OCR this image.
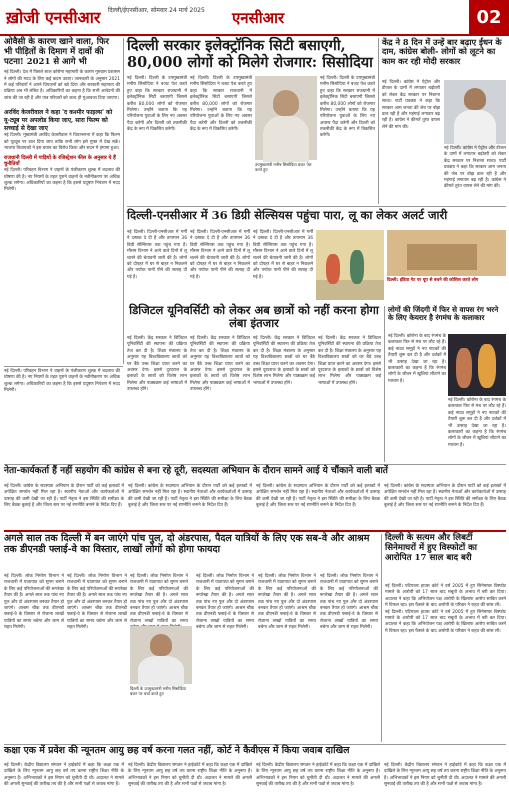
ख़ोजी एनसीआर दिल्ली/ईएनसीआर, सोमवार 24 मार्च 2025 एनसीआर	02
ओवैसी के कारण खाने वाला, फिर भी पीड़ितों के दिमाग में दावों की पटना! 2021 से आगे भी
नई दिल्ली। देश में पिछले साल कोरोना महामारी के कारण गुरुग्राम प्रशासन ने लोगों की मदद के लिए कई कदम उठाए। जानकारी के अनुसार 2021 में कई परिवारों ने अपने प्रियजनों को खो दिया और सरकारी सहायता की प्रक्रिया अब भी लंबित है। अधिकारियों का कहना है कि सभी आवेदनों की जांच की जा रही है और पात्र परिवारों को जल्द ही मुआवजा दिया जाएगा।
अरविंद केजरीवाल ने कहा 'द कश्मीर फाइल्स' को यू-ट्यूब पर अपलोड किया जाए, सारा फिल्म को सच्चाई से देखा जाए
नई दिल्ली। मुख्यमंत्री अरविंद केजरीवाल ने विधानसभा में कहा कि फिल्म को यूट्यूब पर डाल दिया जाए ताकि सभी लोग इसे मुफ्त में देख सकें। भाजपा विधायकों ने इस बयान का विरोध किया और सदन में हंगामा हुआ।
राजधानी दिल्ली में गाड़ियों के रजिस्ट्रेशन फीस के अनुसार ये हैं चुनौतियाँ
नई दिल्ली। परिवहन विभाग ने वाहनों के पंजीकरण शुल्क में बदलाव की घोषणा की है। नए नियमों के तहत पुराने वाहनों के नवीनीकरण पर अधिक शुल्क लगेगा। अधिकारियों का कहना है कि इससे प्रदूषण नियंत्रण में मदद मिलेगी।
दिल्ली सरकार इलेक्ट्रॉनिक सिटी बसाएगी, 80,000 लोगों को मिलेगे रोजगार: सिसोदिया
नई दिल्ली। दिल्ली के उपमुख्यमंत्री मनीष सिसोदिया ने बजट पेश करते हुए कहा कि सरकार राजधानी में इलेक्ट्रॉनिक सिटी बसाएगी जिससे करीब 80,000 लोगों को रोजगार मिलेगा। उन्होंने बताया कि यह परियोजना युवाओं के लिए नए अवसर पैदा करेगी और दिल्ली को तकनीकी केंद्र के रूप में विकसित करेगी।
नई दिल्ली। दिल्ली के उपमुख्यमंत्री मनीष सिसोदिया ने बजट पेश करते हुए कहा कि सरकार राजधानी में इलेक्ट्रॉनिक सिटी बसाएगी जिससे करीब 80,000 लोगों को रोजगार मिलेगा। उन्होंने बताया कि यह परियोजना युवाओं के लिए नए अवसर पैदा करेगी और दिल्ली को तकनीकी केंद्र के रूप में विकसित करेगी।
नई दिल्ली। दिल्ली के उपमुख्यमंत्री मनीष सिसोदिया ने बजट पेश करते हुए कहा कि सरकार राजधानी में इलेक्ट्रॉनिक सिटी बसाएगी जिससे करीब 80,000 लोगों को रोजगार मिलेगा। उन्होंने बताया कि यह परियोजना युवाओं के लिए नए अवसर पैदा करेगी और दिल्ली को तकनीकी केंद्र के रूप में विकसित करेगी।
उपमुख्यमंत्री मनीष सिसोदिया बजट पेश करते हुए
केंद्र ने 8 दिन में उन्हें बार बढ़ाए ईंधन के दाम, कांग्रेस बोली- लोगों को लूटने का काम कर रही मोदी सरकार
नई दिल्ली। कांग्रेस ने पेट्रोल और डीजल के दामों में लगातार बढ़ोतरी को लेकर केंद्र सरकार पर निशाना साधा। पार्टी प्रवक्ता ने कहा कि सरकार आम जनता की जेब पर बोझ डाल रही है और महंगाई लगातार बढ़ रही है। कांग्रेस ने कीमतें तुरंत वापस लेने की मांग की।
नई दिल्ली। कांग्रेस ने पेट्रोल और डीजल के दामों में लगातार बढ़ोतरी को लेकर केंद्र सरकार पर निशाना साधा। पार्टी प्रवक्ता ने कहा कि सरकार आम जनता की जेब पर बोझ डाल रही है और महंगाई लगातार बढ़ रही है। कांग्रेस ने कीमतें तुरंत वापस लेने की मांग की।
दिल्ली-एनसीआर में 36 डिग्री सेल्सियस पहुंचा पारा, लू का लेकर अलर्ट जारी
नई दिल्ली। दिल्ली-एनसीआर में गर्मी ने दस्तक दे दी है और तापमान 36 डिग्री सेल्सियस तक पहुंच गया है। मौसम विभाग ने आने वाले दिनों में लू चलने की चेतावनी जारी की है। लोगों को दोपहर में घर से बाहर न निकलने और पर्याप्त पानी पीने की सलाह दी गई है।
नई दिल्ली। दिल्ली-एनसीआर में गर्मी ने दस्तक दे दी है और तापमान 36 डिग्री सेल्सियस तक पहुंच गया है। मौसम विभाग ने आने वाले दिनों में लू चलने की चेतावनी जारी की है। लोगों को दोपहर में घर से बाहर न निकलने और पर्याप्त पानी पीने की सलाह दी गई है।
नई दिल्ली। दिल्ली-एनसीआर में गर्मी ने दस्तक दे दी है और तापमान 36 डिग्री सेल्सियस तक पहुंच गया है। मौसम विभाग ने आने वाले दिनों में लू चलने की चेतावनी जारी की है। लोगों को दोपहर में घर से बाहर न निकलने और पर्याप्त पानी पीने की सलाह दी गई है।
दिल्ली: इंडिया गेट पर धूप से बचने की कोशिश करते लोग
डिजिटल यूनिवर्सिटी को लेकर अब छात्रों को नहीं करना होगा लंबा इंतजार
नई दिल्ली। केंद्र सरकार ने डिजिटल यूनिवर्सिटी की स्थापना की प्रक्रिया तेज कर दी है। शिक्षा मंत्रालय के अनुसार यह विश्वविद्यालय छात्रों को घर बैठे उच्च शिक्षा प्राप्त करने का अवसर देगा। इससे दूरदराज के इलाकों के छात्रों को विशेष लाभ मिलेगा और पाठ्यक्रम कई भाषाओं में उपलब्ध होंगे।
नई दिल्ली। केंद्र सरकार ने डिजिटल यूनिवर्सिटी की स्थापना की प्रक्रिया तेज कर दी है। शिक्षा मंत्रालय के अनुसार यह विश्वविद्यालय छात्रों को घर बैठे उच्च शिक्षा प्राप्त करने का अवसर देगा। इससे दूरदराज के इलाकों के छात्रों को विशेष लाभ मिलेगा और पाठ्यक्रम कई भाषाओं में उपलब्ध होंगे।
नई दिल्ली। केंद्र सरकार ने डिजिटल यूनिवर्सिटी की स्थापना की प्रक्रिया तेज कर दी है। शिक्षा मंत्रालय के अनुसार यह विश्वविद्यालय छात्रों को घर बैठे उच्च शिक्षा प्राप्त करने का अवसर देगा। इससे दूरदराज के इलाकों के छात्रों को विशेष लाभ मिलेगा और पाठ्यक्रम कई भाषाओं में उपलब्ध होंगे।
नई दिल्ली। केंद्र सरकार ने डिजिटल यूनिवर्सिटी की स्थापना की प्रक्रिया तेज कर दी है। शिक्षा मंत्रालय के अनुसार यह विश्वविद्यालय छात्रों को घर बैठे उच्च शिक्षा प्राप्त करने का अवसर देगा। इससे दूरदराज के इलाकों के छात्रों को विशेष लाभ मिलेगा और पाठ्यक्रम कई भाषाओं में उपलब्ध होंगे।
लोगों की जिंदगी में फिर से वापस रंग भरने के लिए केयरार है रंगमंच के कलाकार
नई दिल्ली। कोरोना के बाद रंगमंच के कलाकार फिर से मंच पर लौट रहे हैं। कई नाट्य समूहों ने नए नाटकों की तैयारी शुरू कर दी है और दर्शकों में भी उत्साह देखा जा रहा है। कलाकारों का कहना है कि रंगमंच लोगों के जीवन में खुशियां लौटाने का माध्यम है।
नई दिल्ली। कोरोना के बाद रंगमंच के कलाकार फिर से मंच पर लौट रहे हैं। कई नाट्य समूहों ने नए नाटकों की तैयारी शुरू कर दी है और दर्शकों में भी उत्साह देखा जा रहा है। कलाकारों का कहना है कि रंगमंच लोगों के जीवन में खुशियां लौटाने का माध्यम है।
नई दिल्ली। परिवहन विभाग ने वाहनों के पंजीकरण शुल्क में बदलाव की घोषणा की है। नए नियमों के तहत पुराने वाहनों के नवीनीकरण पर अधिक शुल्क लगेगा। अधिकारियों का कहना है कि इससे प्रदूषण नियंत्रण में मदद मिलेगी।
नेता-कार्यकर्ता हैं नहीं सहयोग की कांग्रेस से बना रहे दूरी, सदस्यता अभियान के दौरान सामने आई ये चौंकाने वाली बातें
नई दिल्ली। कांग्रेस के सदस्यता अभियान के दौरान पार्टी को कई इलाकों में अपेक्षित समर्थन नहीं मिल रहा है। स्थानीय नेताओं और कार्यकर्ताओं में उत्साह की कमी देखी जा रही है। पार्टी नेतृत्व ने इस स्थिति की समीक्षा के लिए बैठक बुलाई है और जिला स्तर पर नई रणनीति बनाने के निर्देश दिए हैं।
नई दिल्ली। कांग्रेस के सदस्यता अभियान के दौरान पार्टी को कई इलाकों में अपेक्षित समर्थन नहीं मिल रहा है। स्थानीय नेताओं और कार्यकर्ताओं में उत्साह की कमी देखी जा रही है। पार्टी नेतृत्व ने इस स्थिति की समीक्षा के लिए बैठक बुलाई है और जिला स्तर पर नई रणनीति बनाने के निर्देश दिए हैं।
नई दिल्ली। कांग्रेस के सदस्यता अभियान के दौरान पार्टी को कई इलाकों में अपेक्षित समर्थन नहीं मिल रहा है। स्थानीय नेताओं और कार्यकर्ताओं में उत्साह की कमी देखी जा रही है। पार्टी नेतृत्व ने इस स्थिति की समीक्षा के लिए बैठक बुलाई है और जिला स्तर पर नई रणनीति बनाने के निर्देश दिए हैं।
नई दिल्ली। कांग्रेस के सदस्यता अभियान के दौरान पार्टी को कई इलाकों में अपेक्षित समर्थन नहीं मिल रहा है। स्थानीय नेताओं और कार्यकर्ताओं में उत्साह की कमी देखी जा रही है। पार्टी नेतृत्व ने इस स्थिति की समीक्षा के लिए बैठक बुलाई है और जिला स्तर पर नई रणनीति बनाने के निर्देश दिए हैं।
अगले साल तक दिल्ली में बन जाएंगे पांच पुल, दो अंडरपास, पैदल यात्रियों के लिए एक सब-वे और आश्रम तक डीएनडी फ्लाई-वे का विस्तार, लाखों लोगों को होगा फायदा
नई दिल्ली। लोक निर्माण विभाग ने राजधानी में यातायात को सुगम बनाने के लिए कई परियोजनाओं की रूपरेखा तैयार की है। अगले साल तक पांच नए पुल और दो अंडरपास बनकर तैयार हो जाएंगे। आश्रम चौक तक डीएनडी फ्लाई-वे के विस्तार से रोजाना लाखों यात्रियों का समय बचेगा और जाम से राहत मिलेगी।
नई दिल्ली। लोक निर्माण विभाग ने राजधानी में यातायात को सुगम बनाने के लिए कई परियोजनाओं की रूपरेखा तैयार की है। अगले साल तक पांच नए पुल और दो अंडरपास बनकर तैयार हो जाएंगे। आश्रम चौक तक डीएनडी फ्लाई-वे के विस्तार से रोजाना लाखों यात्रियों का समय बचेगा और जाम से राहत मिलेगी।
नई दिल्ली। लोक निर्माण विभाग ने राजधानी में यातायात को सुगम बनाने के लिए कई परियोजनाओं की रूपरेखा तैयार की है। अगले साल तक पांच नए पुल और दो अंडरपास बनकर तैयार हो जाएंगे। आश्रम चौक तक डीएनडी फ्लाई-वे के विस्तार से रोजाना लाखों यात्रियों का समय
दिल्ली के उपमुख्यमंत्री मनीष सिसोदिया बजट पर चर्चा करते हुए
नई दिल्ली। लोक निर्माण विभाग ने राजधानी में यातायात को सुगम बनाने के लिए कई परियोजनाओं की रूपरेखा तैयार की है। अगले साल तक पांच नए पुल और दो अंडरपास बनकर तैयार हो जाएंगे। आश्रम चौक तक डीएनडी फ्लाई-वे के विस्तार से रोजाना लाखों यात्रियों का समय बचेगा और जाम से राहत मिलेगी।
नई दिल्ली। लोक निर्माण विभाग ने राजधानी में यातायात को सुगम बनाने के लिए कई परियोजनाओं की रूपरेखा तैयार की है। अगले साल तक पांच नए पुल और दो अंडरपास बनकर तैयार हो जाएंगे। आश्रम चौक तक डीएनडी फ्लाई-वे के विस्तार से रोजाना लाखों यात्रियों का समय बचेगा और जाम से राहत मिलेगी।
नई दिल्ली। लोक निर्माण विभाग ने राजधानी में यातायात को सुगम बनाने के लिए कई परियोजनाओं की रूपरेखा तैयार की है। अगले साल तक पांच नए पुल और दो अंडरपास बनकर तैयार हो जाएंगे। आश्रम चौक तक डीएनडी फ्लाई-वे के विस्तार से रोजाना लाखों यात्रियों का समय बचेगा और जाम से राहत मिलेगी।
दिल्ली के सत्यम और लिबर्टी सिनेमाघरों में हुए विस्फोटों का आरोपित 17 साल बाद बरी
नई दिल्ली। पटियाला हाउस कोर्ट ने वर्ष 2005 में हुए सिनेमाघर विस्फोट मामले के आरोपी को 17 साल बाद सबूतों के अभाव में बरी कर दिया। अदालत ने कहा कि अभियोजन पक्ष आरोपी के खिलाफ आरोप साबित करने में विफल रहा। इस फैसले के बाद आरोपी के परिवार ने राहत की सांस ली।
नई दिल्ली। पटियाला हाउस कोर्ट ने वर्ष 2005 में हुए सिनेमाघर विस्फोट मामले के आरोपी को 17 साल बाद सबूतों के अभाव में बरी कर दिया। अदालत ने कहा कि अभियोजन पक्ष आरोपी के खिलाफ आरोप साबित करने में विफल रहा। इस फैसले के बाद आरोपी के परिवार ने राहत की सांस ली।
कक्षा एक में प्रवेश की न्यूनतम आयु छह वर्ष करना गलत नहीं, कोर्ट ने कैवीएस में किया जवाब दाखिल
नई दिल्ली। केंद्रीय विद्यालय संगठन ने हाईकोर्ट में कहा कि कक्षा एक में दाखिले के लिए न्यूनतम आयु छह वर्ष तय करना राष्ट्रीय शिक्षा नीति के अनुरूप है। अभिभावकों ने इस नियम को चुनौती दी थी। अदालत ने मामले की अगली सुनवाई की तारीख तय की है और सभी पक्षों से जवाब मांगा है।
नई दिल्ली। केंद्रीय विद्यालय संगठन ने हाईकोर्ट में कहा कि कक्षा एक में दाखिले के लिए न्यूनतम आयु छह वर्ष तय करना राष्ट्रीय शिक्षा नीति के अनुरूप है। अभिभावकों ने इस नियम को चुनौती दी थी। अदालत ने मामले की अगली सुनवाई की तारीख तय की है और सभी पक्षों से जवाब मांगा है।
नई दिल्ली। केंद्रीय विद्यालय संगठन ने हाईकोर्ट में कहा कि कक्षा एक में दाखिले के लिए न्यूनतम आयु छह वर्ष तय करना राष्ट्रीय शिक्षा नीति के अनुरूप है। अभिभावकों ने इस नियम को चुनौती दी थी। अदालत ने मामले की अगली सुनवाई की तारीख तय की है और सभी पक्षों से जवाब मांगा है।
नई दिल्ली। केंद्रीय विद्यालय संगठन ने हाईकोर्ट में कहा कि कक्षा एक में दाखिले के लिए न्यूनतम आयु छह वर्ष तय करना राष्ट्रीय शिक्षा नीति के अनुरूप है। अभिभावकों ने इस नियम को चुनौती दी थी। अदालत ने मामले की अगली सुनवाई की तारीख तय की है और सभी पक्षों से जवाब मांगा है।
